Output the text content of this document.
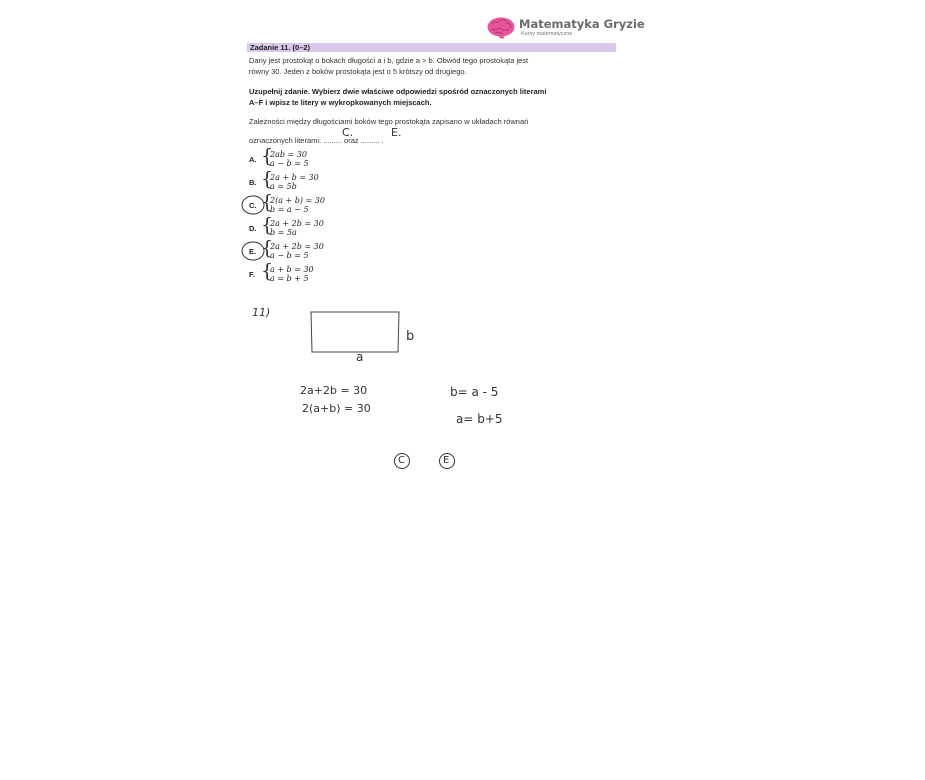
Matematyka Gryzie
Kursy matematyczne
Zadanie 11. (0–2)
Dany jest prostokąt o bokach długości a i b, gdzie a > b. Obwód tego prostokąta jest
równy 30. Jeden z boków prostokąta jest o 5 krótszy od drugiego.
Uzupełnij zdanie. Wybierz dwie właściwe odpowiedzi spośród oznaczonych literami
A–F i wpisz te litery w wykropkowanych miejscach.
Zależności między długościami boków tego prostokąta zapisano w układach równań
oznaczonych literami: ......... oraz ......... .
C.	E.
A. {
2ab = 30
a − b = 5
B. {
2a + b = 30
a = 5b
C. {
2(a + b) = 30
b = a − 5
D. {
2a + 2b = 30
b = 5a
E. {
2a + 2b = 30
a − b = 5
F. {
a + b = 30
a = b + 5
11)
b
a
2a+2b = 30
2(a+b) = 30
b= a - 5
a= b+5
C	E
